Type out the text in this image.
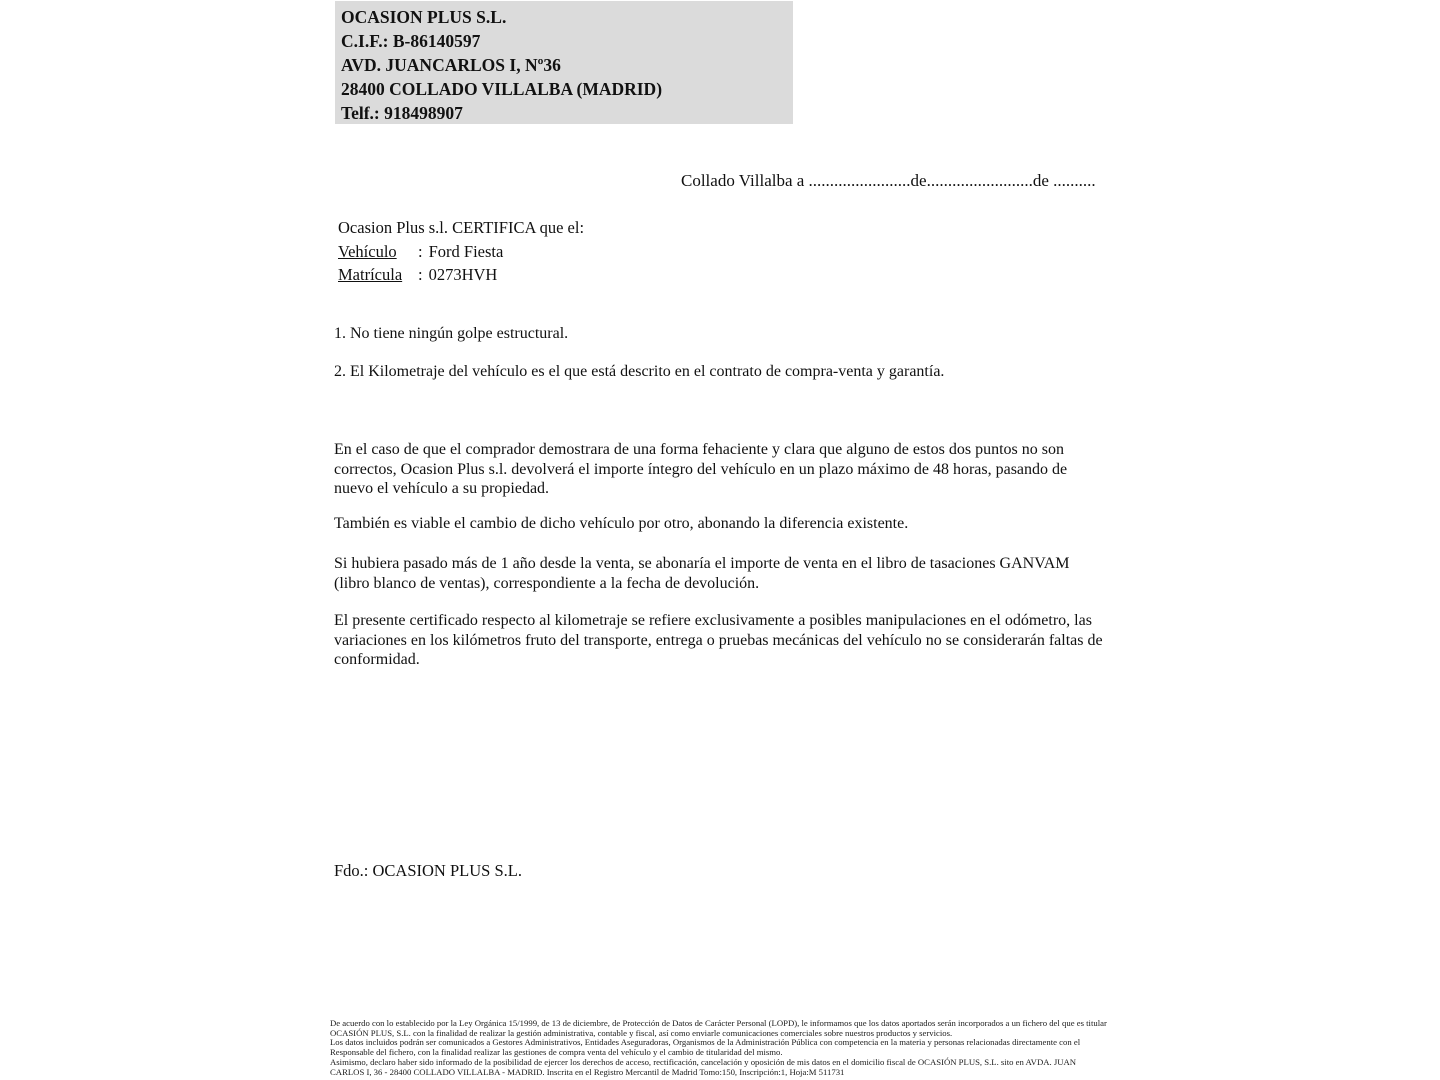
OCASION PLUS S.L.
C.I.F.: B-86140597
AVD. JUANCARLOS I, Nº36
28400 COLLADO VILLALBA (MADRID)
Telf.: 918498907
Collado Villalba a ........................de.........................de ..........
Ocasion Plus s.l. CERTIFICA que el:
Vehículo : Ford Fiesta
Matrícula : 0273HVH
1. No tiene ningún golpe estructural.
2. El Kilometraje del vehículo es el que está descrito en el contrato de compra-venta y garantía.
En el caso de que el comprador demostrara de una forma fehaciente y clara que alguno de estos dos puntos no son correctos, Ocasion Plus s.l. devolverá el importe íntegro del vehículo en un plazo máximo de 48 horas, pasando de nuevo el vehículo a su propiedad.
También es viable el cambio de dicho vehículo por otro, abonando la diferencia existente.
Si hubiera pasado más de 1 año desde la venta, se abonaría el importe de venta en el libro de tasaciones GANVAM (libro blanco de ventas), correspondiente a la fecha de devolución.
El presente certificado respecto al kilometraje se refiere exclusivamente a posibles manipulaciones en el odómetro, las variaciones en los kilómetros fruto del transporte, entrega o pruebas mecánicas del vehículo no se considerarán faltas de conformidad.
Fdo.: OCASION PLUS S.L.
De acuerdo con lo establecido por la Ley Orgánica 15/1999, de 13 de diciembre, de Protección de Datos de Carácter Personal (LOPD), le informamos que los datos aportados serán incorporados a un fichero del que es titular
OCASIÓN PLUS, S.L. con la finalidad de realizar la gestión administrativa, contable y fiscal, así como enviarle comunicaciones comerciales sobre nuestros productos y servicios.
Los datos incluidos podrán ser comunicados a Gestores Administrativos, Entidades Aseguradoras, Organismos de la Administración Pública con competencia en la materia y personas relacionadas directamente con el
Responsable del fichero, con la finalidad realizar las gestiones de compra venta del vehículo y el cambio de titularidad del mismo.
Asimismo, declaro haber sido informado de la posibilidad de ejercer los derechos de acceso, rectificación, cancelación y oposición de mis datos en el domicilio fiscal de OCASIÓN PLUS, S.L. sito en AVDA. JUAN
CARLOS I, 36 - 28400 COLLADO VILLALBA - MADRID. Inscrita en el Registro Mercantil de Madrid Tomo:150, Inscripción:1, Hoja:M 511731
